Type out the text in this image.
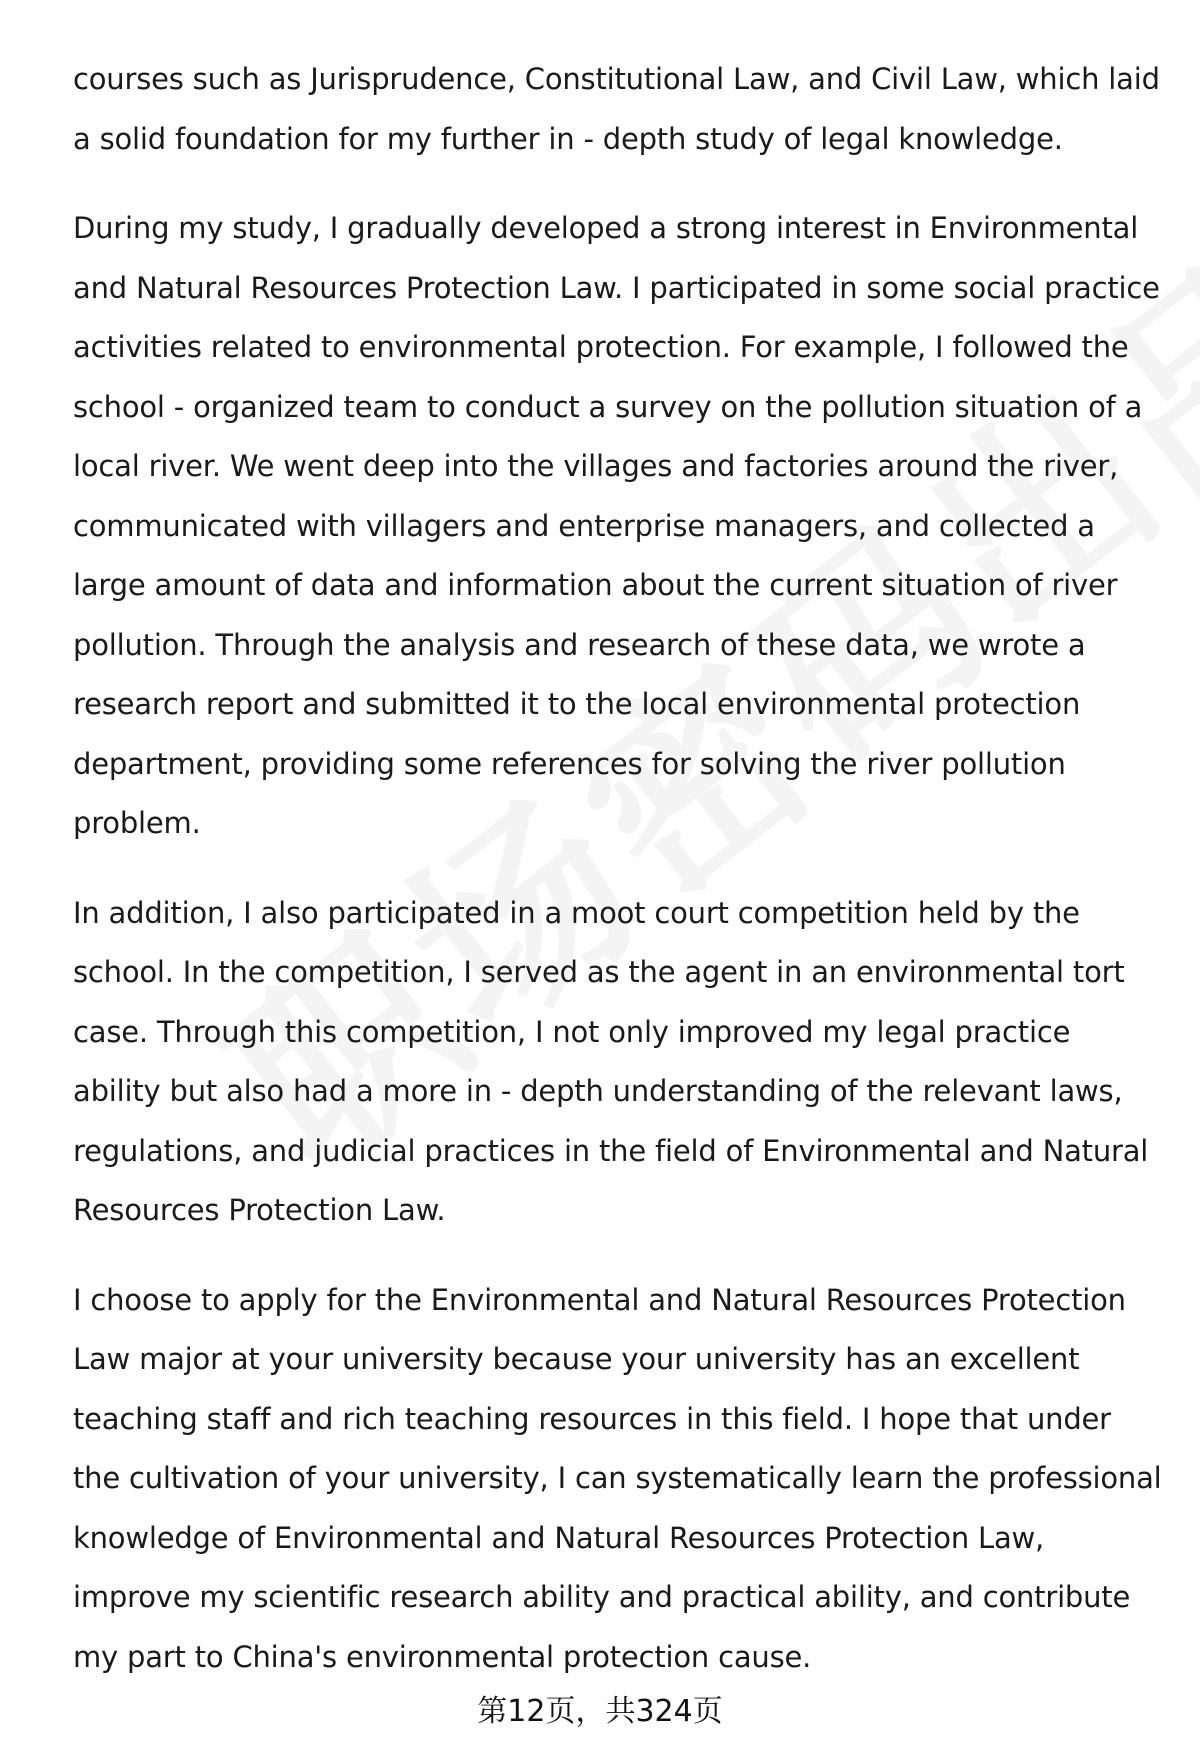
courses such as Jurisprudence, Constitutional Law, and Civil Law, which laid a solid foundation for my further in - depth study of legal knowledge.

During my study, I gradually developed a strong interest in Environmental and Natural Resources Protection Law. I participated in some social practice activities related to environmental protection. For example, I followed the school - organized team to conduct a survey on the pollution situation of a local river. We went deep into the villages and factories around the river, communicated with villagers and enterprise managers, and collected a large amount of data and information about the current situation of river pollution. Through the analysis and research of these data, we wrote a research report and submitted it to the local environmental protection department, providing some references for solving the river pollution problem.

In addition, I also participated in a moot court competition held by the school. In the competition, I served as the agent in an environmental tort case. Through this competition, I not only improved my legal practice ability but also had a more in - depth understanding of the relevant laws, regulations, and judicial practices in the field of Environmental and Natural Resources Protection Law.

I choose to apply for the Environmental and Natural Resources Protection Law major at your university because your university has an excellent teaching staff and rich teaching resources in this field. I hope that under the cultivation of your university, I can systematically learn the professional knowledge of Environmental and Natural Resources Protection Law, improve my scientific research ability and practical ability, and contribute my part to China's environmental protection cause.

第12页，共324页
